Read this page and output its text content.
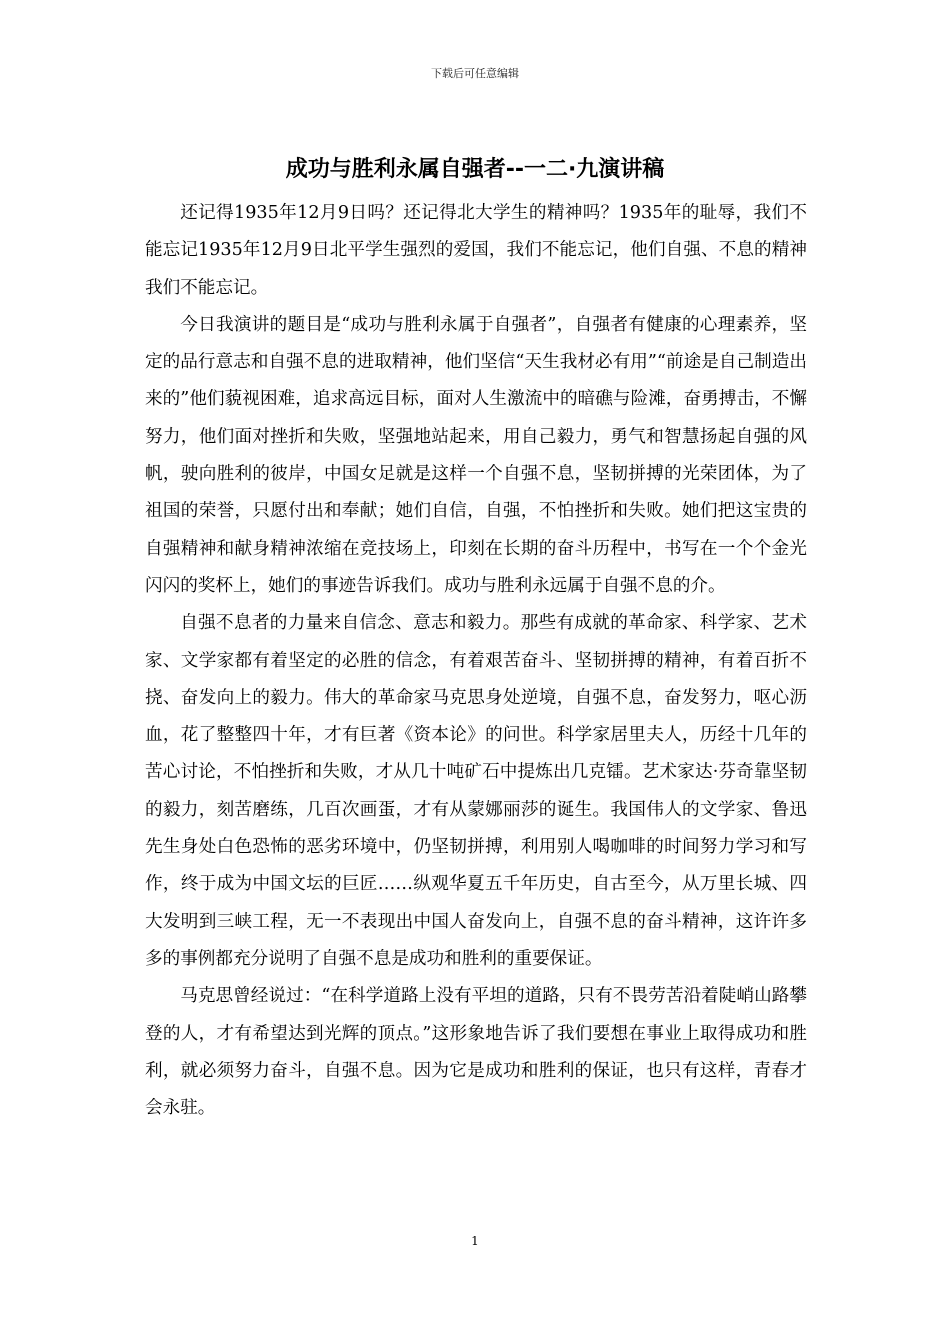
下载后可任意编辑
成功与胜利永属自强者--一二·九演讲稿

还记得1935年12月9日吗？还记得北大学生的精神吗？1935年的耻辱，我们不能忘记1935年12月9日北平学生强烈的爱国，我们不能忘记，他们自强、不息的精神我们不能忘记。

今日我演讲的题目是“成功与胜利永属于自强者”，自强者有健康的心理素养，坚定的品行意志和自强不息的进取精神，他们坚信“天生我材必有用”“前途是自己制造出来的”他们藐视困难，追求高远目标，面对人生激流中的暗礁与险滩，奋勇搏击，不懈努力，他们面对挫折和失败，坚强地站起来，用自己毅力，勇气和智慧扬起自强的风帆，驶向胜利的彼岸，中国女足就是这样一个自强不息，坚韧拼搏的光荣团体，为了祖国的荣誉，只愿付出和奉献；她们自信，自强，不怕挫折和失败。她们把这宝贵的自强精神和献身精神浓缩在竞技场上，印刻在长期的奋斗历程中，书写在一个个金光闪闪的奖杯上，她们的事迹告诉我们。成功与胜利永远属于自强不息的介。

自强不息者的力量来自信念、意志和毅力。那些有成就的革命家、科学家、艺术家、文学家都有着坚定的必胜的信念，有着艰苦奋斗、坚韧拼搏的精神，有着百折不挠、奋发向上的毅力。伟大的革命家马克思身处逆境，自强不息，奋发努力，呕心沥血，花了整整四十年，才有巨著《资本论》的问世。科学家居里夫人，历经十几年的苦心讨论，不怕挫折和失败，才从几十吨矿石中提炼出几克镭。艺术家达·芬奇靠坚韧的毅力，刻苦磨练，几百次画蛋，才有从蒙娜丽莎的诞生。我国伟人的文学家、鲁迅先生身处白色恐怖的恶劣环境中，仍坚韧拼搏，利用别人喝咖啡的时间努力学习和写作，终于成为中国文坛的巨匠……纵观华夏五千年历史，自古至今，从万里长城、四大发明到三峡工程，无一不表现出中国人奋发向上，自强不息的奋斗精神，这许许多多的事例都充分说明了自强不息是成功和胜利的重要保证。

马克思曾经说过：“在科学道路上没有平坦的道路，只有不畏劳苦沿着陡峭山路攀登的人，才有希望达到光辉的顶点。”这形象地告诉了我们要想在事业上取得成功和胜利，就必须努力奋斗，自强不息。因为它是成功和胜利的保证，也只有这样，青春才会永驻。

1
